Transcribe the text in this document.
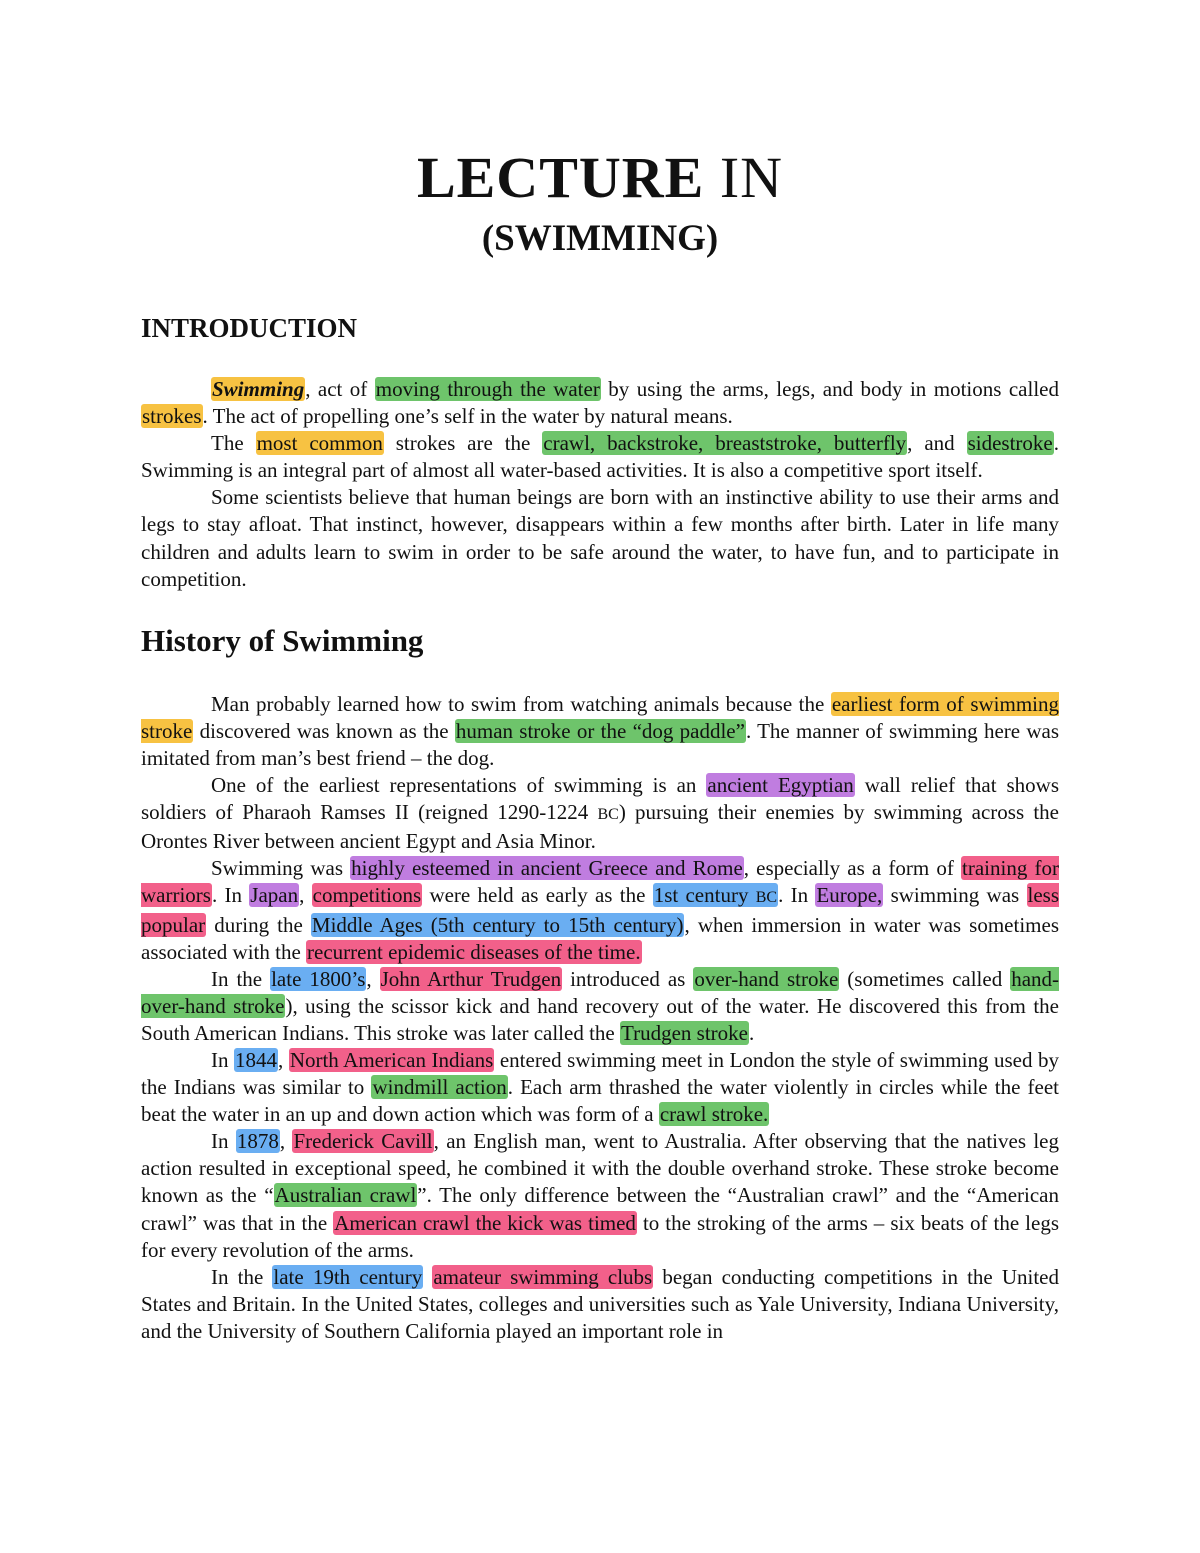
LECTURE IN
(SWIMMING)
INTRODUCTION

Swimming, act of moving through the water by using the arms, legs, and body in motions called strokes. The act of propelling one’s self in the water by natural means.

The most common strokes are the crawl, backstroke, breaststroke, butterfly, and sidestroke. Swimming is an integral part of almost all water-based activities. It is also a competitive sport itself.

Some scientists believe that human beings are born with an instinctive ability to use their arms and legs to stay afloat. That instinct, however, disappears within a few months after birth. Later in life many children and adults learn to swim in order to be safe around the water, to have fun, and to participate in competition.

History of Swimming

Man probably learned how to swim from watching animals because the earliest form of swimming stroke discovered was known as the human stroke or the “dog paddle”. The manner of swimming here was imitated from man’s best friend – the dog.

One of the earliest representations of swimming is an ancient Egyptian wall relief that shows soldiers of Pharaoh Ramses II (reigned 1290-1224 BC) pursuing their enemies by swimming across the Orontes River between ancient Egypt and Asia Minor.

Swimming was highly esteemed in ancient Greece and Rome, especially as a form of training for warriors. In Japan, competitions were held as early as the 1st century BC. In Europe, swimming was less popular during the Middle Ages (5th century to 15th century), when immersion in water was sometimes associated with the recurrent epidemic diseases of the time.

In the late 1800’s, John Arthur Trudgen introduced as over-hand stroke (sometimes called hand-over-hand stroke), using the scissor kick and hand recovery out of the water. He discovered this from the South American Indians. This stroke was later called the Trudgen stroke.

In 1844, North American Indians entered swimming meet in London the style of swimming used by the Indians was similar to windmill action. Each arm thrashed the water violently in circles while the feet beat the water in an up and down action which was form of a crawl stroke.

In 1878, Frederick Cavill, an English man, went to Australia. After observing that the natives leg action resulted in exceptional speed, he combined it with the double overhand stroke. These stroke become known as the “Australian crawl”. The only difference between the “Australian crawl” and the “American crawl” was that in the American crawl the kick was timed to the stroking of the arms – six beats of the legs for every revolution of the arms.

In the late 19th century amateur swimming clubs began conducting competitions in the United States and Britain. In the United States, colleges and universities such as Yale University, Indiana University, and the University of Southern California played an important role in
